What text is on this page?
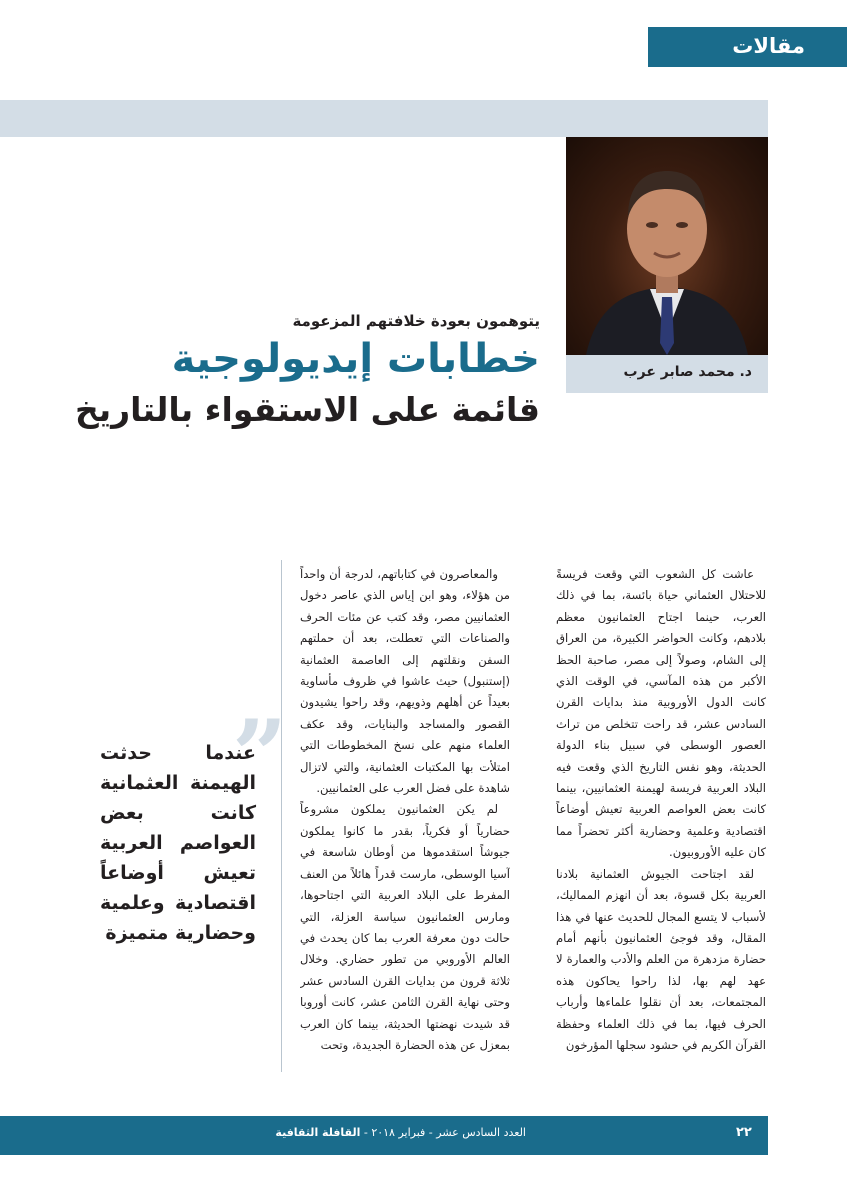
مقالات
د. محمد صابر عرب
يتوهمون بعودة خلافتهم المزعومة
خطابات إيديولوجية
قائمة على الاستقواء بالتاريخ

عاشت كل الشعوب التي وقعت فريسةً للاحتلال العثماني حياة بائسة، بما في ذلك العرب، حينما اجتاح العثمانيون معظم بلادهم، وكانت الحواضر الكبيرة، من العراق إلى الشام، وصولاً إلى مصر، صاحبة الحظ الأكبر من هذه المآسي، في الوقت الذي كانت الدول الأوروبية منذ بدايات القرن السادس عشر، قد راحت تتخلص من تراث العصور الوسطى في سبيل بناء الدولة الحديثة، وهو نفس التاريخ الذي وقعت فيه البلاد العربية فريسة لهيمنة العثمانيين، بينما كانت بعض العواصم العربية تعيش أوضاعاً اقتصادية وعلمية وحضارية أكثر تحضراً مما كان عليه الأوروبيون.

لقد اجتاحت الجيوش العثمانية بلادنا العربية بكل قسوة، بعد أن انهزم المماليك، لأسباب لا يتسع المجال للحديث عنها في هذا المقال، وقد فوجئ العثمانيون بأنهم أمام حضارة مزدهرة من العلم والأدب والعمارة لا عهد لهم بها، لذا راحوا يحاكون هذه المجتمعات، بعد أن نقلوا علماءها وأرباب الحرف فيها، بما في ذلك العلماء وحفظة القرآن الكريم في حشود سجلها المؤرخون

والمعاصرون في كتاباتهم، لدرجة أن واحداً من هؤلاء، وهو ابن إياس الذي عاصر دخول العثمانيين مصر، وقد كتب عن مئات الحرف والصناعات التي تعطلت، بعد أن حملتهم السفن ونقلتهم إلى العاصمة العثمانية (إستنبول) حيث عاشوا في ظروف مأساوية بعيداً عن أهلهم وذويهم، وقد راحوا يشيدون القصور والمساجد والبنايات، وقد عكف العلماء منهم على نسخ المخطوطات التي امتلأت بها المكتبات العثمانية، والتي لاتزال شاهدة على فضل العرب على العثمانيين.

لم يكن العثمانيون يملكون مشروعاً حضارياً أو فكرياً، بقدر ما كانوا يملكون جيوشاً استقدموها من أوطان شاسعة في آسيا الوسطى، مارست قدراً هائلاً من العنف المفرط على البلاد العربية التي اجتاحوها، ومارس العثمانيون سياسة العزلة، التي حالت دون معرفة العرب بما كان يحدث في العالم الأوروبي من تطور حضاري. وخلال ثلاثة قرون من بدايات القرن السادس عشر وحتى نهاية القرن الثامن عشر، كانت أوروبا قد شيدت نهضتها الحديثة، بينما كان العرب بمعزل عن هذه الحضارة الجديدة، وتحت

”
عندما حدثت الهيمنة العثمانية كانت بعض العواصم العربية تعيش أوضاعاً اقتصادية وعلمية وحضارية متميزة
العدد السادس عشر - فبراير ٢٠١٨ - القافلة الثقافية	٢٢
